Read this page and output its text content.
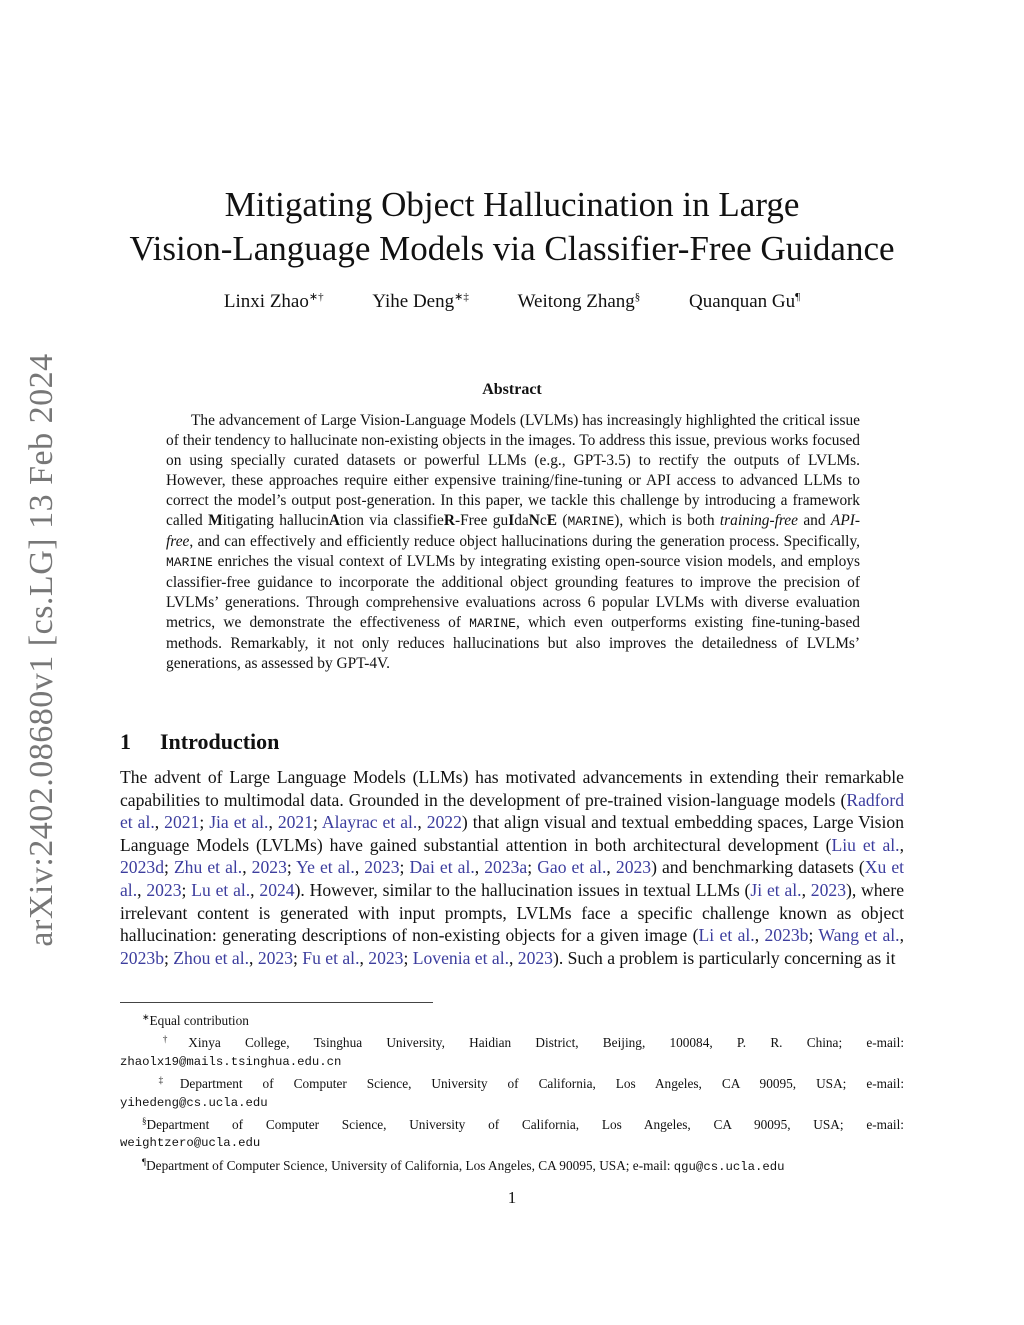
arXiv:2402.08680v1 [cs.LG] 13 Feb 2024
Mitigating Object Hallucination in Large
Vision-Language Models via Classifier-Free Guidance
Linxi Zhao∗†	Yihe Deng∗‡	Weitong Zhang§	Quanquan Gu¶
Abstract

The advancement of Large Vision-Language Models (LVLMs) has increasingly highlighted the critical issue of their tendency to hallucinate non-existing objects in the images. To address this issue, previous works focused on using specially curated datasets or powerful LLMs (e.g., GPT-3.5) to rectify the outputs of LVLMs. However, these approaches require either expensive training/fine-tuning or API access to advanced LLMs to correct the model’s output post-generation. In this paper, we tackle this challenge by introducing a framework called Mitigating hallucinAtion via classifieR-Free guIdaNcE (MARINE), which is both training-free and API-free, and can effectively and efficiently reduce object hallucinations during the generation process. Specifically, MARINE enriches the visual context of LVLMs by integrating existing open-source vision models, and employs classifier-free guidance to incorporate the additional object grounding features to improve the precision of LVLMs’ generations. Through comprehensive evaluations across 6 popular LVLMs with diverse evaluation metrics, we demonstrate the effectiveness of MARINE, which even outperforms existing fine-tuning-based methods. Remarkably, it not only reduces hallucinations but also improves the detailedness of LVLMs’ generations, as assessed by GPT-4V.

1 Introduction

The advent of Large Language Models (LLMs) has motivated advancements in extending their remarkable capabilities to multimodal data. Grounded in the development of pre-trained vision-language models (Radford et al., 2021; Jia et al., 2021; Alayrac et al., 2022) that align visual and textual embedding spaces, Large Vision Language Models (LVLMs) have gained substantial attention in both architectural development (Liu et al., 2023d; Zhu et al., 2023; Ye et al., 2023; Dai et al., 2023a; Gao et al., 2023) and benchmarking datasets (Xu et al., 2023; Lu et al., 2024). However, similar to the hallucination issues in textual LLMs (Ji et al., 2023), where irrelevant content is generated with input prompts, LVLMs face a specific challenge known as object hallucination: generating descriptions of non-existing objects for a given image (Li et al., 2023b; Wang et al., 2023b; Zhou et al., 2023; Fu et al., 2023; Lovenia et al., 2023). Such a problem is particularly concerning as it

∗Equal contribution

†Xinya College, Tsinghua University, Haidian District, Beijing, 100084, P. R. China; e-mail:
zhaolx19@mails.tsinghua.edu.cn

‡Department of Computer Science, University of California, Los Angeles, CA 90095, USA; e-mail:
yihedeng@cs.ucla.edu

§Department of Computer Science, University of California, Los Angeles, CA 90095, USA; e-mail:
weightzero@ucla.edu

¶Department of Computer Science, University of California, Los Angeles, CA 90095, USA; e-mail: qgu@cs.ucla.edu

1
